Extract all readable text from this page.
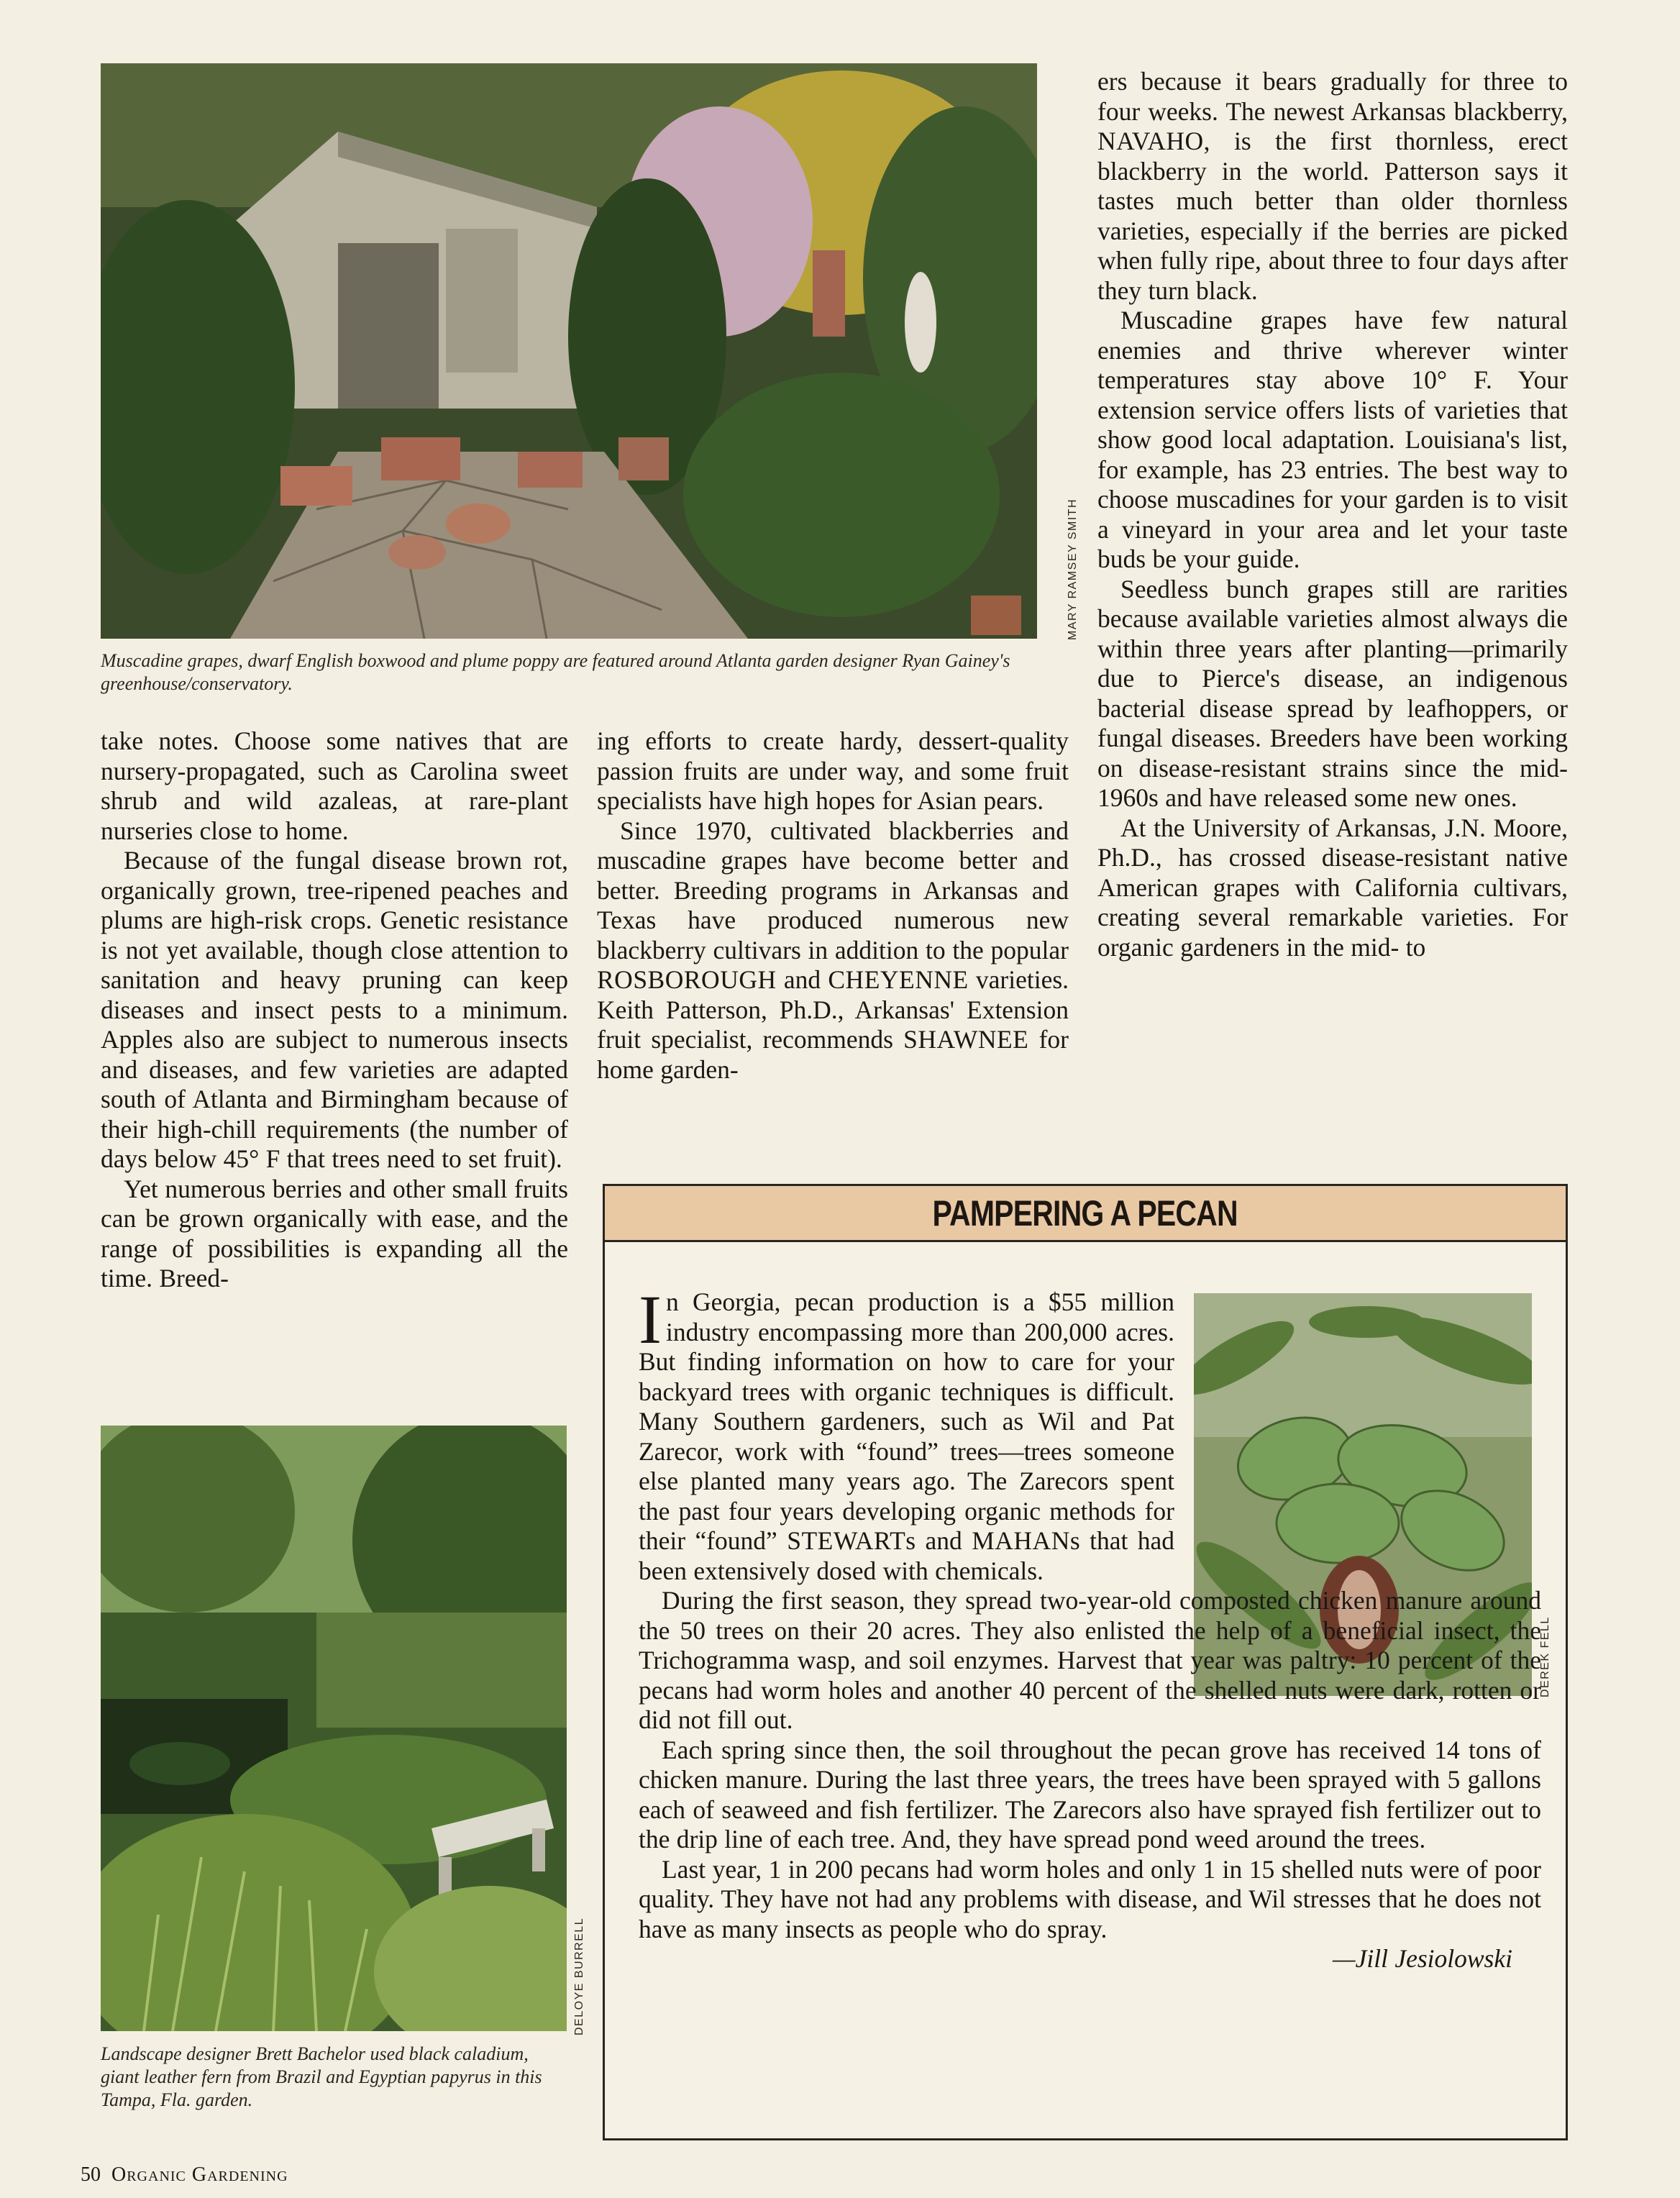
MARY RAMSEY SMITH
Muscadine grapes, dwarf English boxwood and plume poppy are featured around Atlanta garden designer Ryan Gainey's greenhouse/conservatory.

take notes. Choose some natives that are nursery-propagated, such as Carolina sweet shrub and wild azaleas, at rare-plant nurseries close to home.

Because of the fungal disease brown rot, organically grown, tree-ripened peaches and plums are high-risk crops. Genetic resistance is not yet available, though close attention to sanitation and heavy pruning can keep diseases and insect pests to a minimum. Apples also are subject to numerous insects and diseases, and few varieties are adapted south of Atlanta and Birmingham because of their high-chill requirements (the number of days below 45° F that trees need to set fruit).

Yet numerous berries and other small fruits can be grown organically with ease, and the range of possibilities is expanding all the time. Breed-

ing efforts to create hardy, dessert-quality passion fruits are under way, and some fruit specialists have high hopes for Asian pears.

Since 1970, cultivated blackberries and muscadine grapes have become better and better. Breeding programs in Arkansas and Texas have produced numerous new blackberry cultivars in addition to the popular ROSBOROUGH and CHEYENNE varieties. Keith Patterson, Ph.D., Arkansas' Extension fruit specialist, recommends SHAWNEE for home garden-

ers because it bears gradually for three to four weeks. The newest Arkansas blackberry, NAVAHO, is the first thornless, erect blackberry in the world. Patterson says it tastes much better than older thornless varieties, especially if the berries are picked when fully ripe, about three to four days after they turn black.

Muscadine grapes have few natural enemies and thrive wherever winter temperatures stay above 10° F. Your extension service offers lists of varieties that show good local adaptation. Louisiana's list, for example, has 23 entries. The best way to choose muscadines for your garden is to visit a vineyard in your area and let your taste buds be your guide.

Seedless bunch grapes still are rarities because available varieties almost always die within three years after planting—primarily due to Pierce's disease, an indigenous bacterial disease spread by leafhoppers, or fungal diseases. Breeders have been working on disease-resistant strains since the mid-1960s and have released some new ones.

At the University of Arkansas, J.N. Moore, Ph.D., has crossed disease-resistant native American grapes with California cultivars, creating several remarkable varieties. For organic gardeners in the mid- to

DELOYE BURRELL
Landscape designer Brett Bachelor used black caladium, giant leather fern from Brazil and Egyptian papyrus in this Tampa, Fla. garden.
PAMPERING A PECAN
DEREK FELL

In Georgia, pecan production is a $55 million industry encompassing more than 200,000 acres. But finding information on how to care for your backyard trees with organic techniques is difficult. Many Southern gardeners, such as Wil and Pat Zarecor, work with “found” trees—trees someone else planted many years ago. The Zarecors spent the past four years developing organic methods for their “found” STEWARTs and MAHANs that had been extensively dosed with chemicals.

During the first season, they spread two-year-old composted chicken manure around the 50 trees on their 20 acres. They also enlisted the help of a beneficial insect, the Trichogramma wasp, and soil enzymes. Harvest that year was paltry: 10 percent of the pecans had worm holes and another 40 percent of the shelled nuts were dark, rotten or did not fill out.

Each spring since then, the soil throughout the pecan grove has received 14 tons of chicken manure. During the last three years, the trees have been sprayed with 5 gallons each of seaweed and fish fertilizer. The Zarecors also have sprayed fish fertilizer out to the drip line of each tree. And, they have spread pond weed around the trees.

Last year, 1 in 200 pecans had worm holes and only 1 in 15 shelled nuts were of poor quality. They have not had any problems with disease, and Wil stresses that he does not have as many insects as people who do spray.

—Jill Jesiolowski

50 Organic Gardening
